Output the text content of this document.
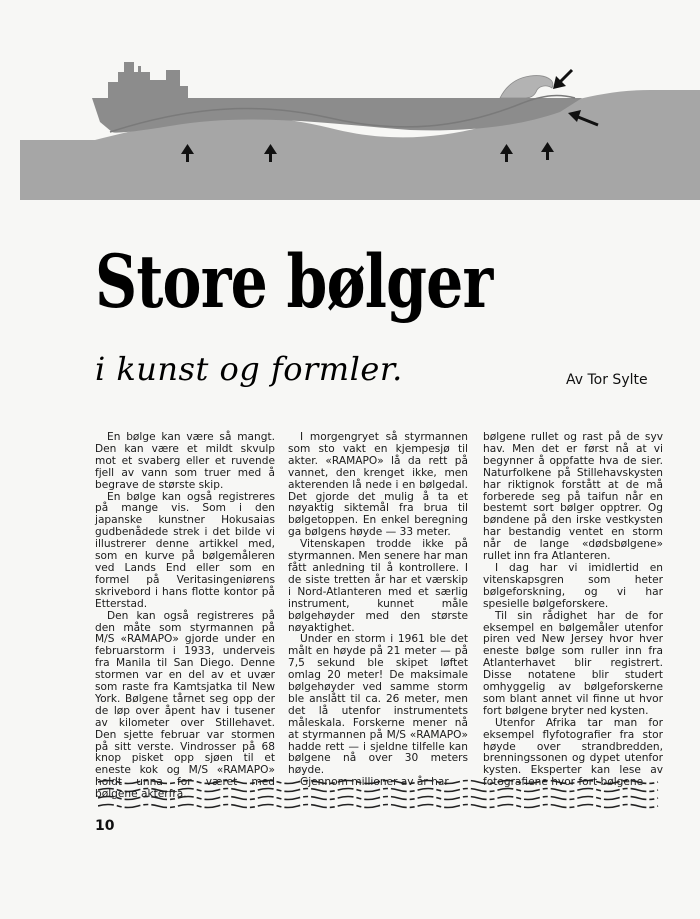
Store bølger
i kunst og formler.	Av Tor Sylte

En bølge kan være så mangt. Den kan være et mildt skvulp mot et svaberg eller et ruvende fjell av vann som truer med å begrave de største skip.

En bølge kan også registreres på mange vis. Som i den japanske kunstner Hokusaias gudbenådede strek i det bilde vi illustrerer denne artikkel med, som en kurve på bølgemåleren ved Lands End eller som en formel på Veritasingeniørens skrivebord i hans flotte kontor på Etterstad.

Den kan også registreres på den måte som styrmannen på M/S «RAMAPO» gjorde under en februarstorm i 1933, underveis fra Manila til San Diego. Denne stormen var en del av et uvær som raste fra Kamtsjatka til New York. Bølgene tårnet seg opp der de løp over åpent hav i tusener av kilometer over Stillehavet. Den sjette februar var stormen på sitt verste. Vindrosser på 68 knop pisket opp sjøen til et eneste kok og M/S «RAMAPO» holdt unna for været med bølgene akterfra.

I morgengryet så styrmannen som sto vakt en kjempesjø til akter. «RAMAPO» lå da rett på vannet, den krenget ikke, men akterenden lå nede i en bølgedal. Det gjorde det mulig å ta et nøyaktig siktemål fra brua til bølgetoppen. En enkel beregning ga bølgens høyde — 33 meter.

Vitenskapen trodde ikke på styrmannen. Men senere har man fått anledning til å kontrollere. I de siste tretten år har et værskip i Nord-Atlanteren med et særlig instrument, kunnet måle bølgehøyder med den største nøyaktighet.

Under en storm i 1961 ble det målt en høyde på 21 meter — på 7,5 sekund ble skipet løftet omlag 20 meter! De maksimale bølgehøyder ved samme storm ble anslått til ca. 26 meter, men det lå utenfor instrumentets måleskala. Forskerne mener nå at styrmannen på M/S «RAMAPO» hadde rett — i sjeldne tilfelle kan bølgene nå over 30 meters høyde.

Gjennom millioner av år har

bølgene rullet og rast på de syv hav. Men det er først nå at vi begynner å oppfatte hva de sier. Naturfolkene på Stillehavskysten har riktignok forstått at de må forberede seg på taifun når en bestemt sort bølger opptrer. Og bøndene på den irske vestkysten har bestandig ventet en storm når de lange «dødsbølgene» rullet inn fra Atlanteren.

I dag har vi imidlertid en vitenskapsgren som heter bølgeforskning, og vi har spesielle bølgeforskere.

Til sin rådighet har de for eksempel en bølgemåler utenfor piren ved New Jersey hvor hver eneste bølge som ruller inn fra Atlanterhavet blir registrert. Disse notatene blir studert omhyggelig av bølgeforskerne som blant annet vil finne ut hvor fort bølgene bryter ned kysten.

Utenfor Afrika tar man for eksempel flyfotografier fra stor høyde over strandbredden, brenningssonen og dypet utenfor kysten. Eksperter kan lese av fotografiene hvor fort bølgene

10
